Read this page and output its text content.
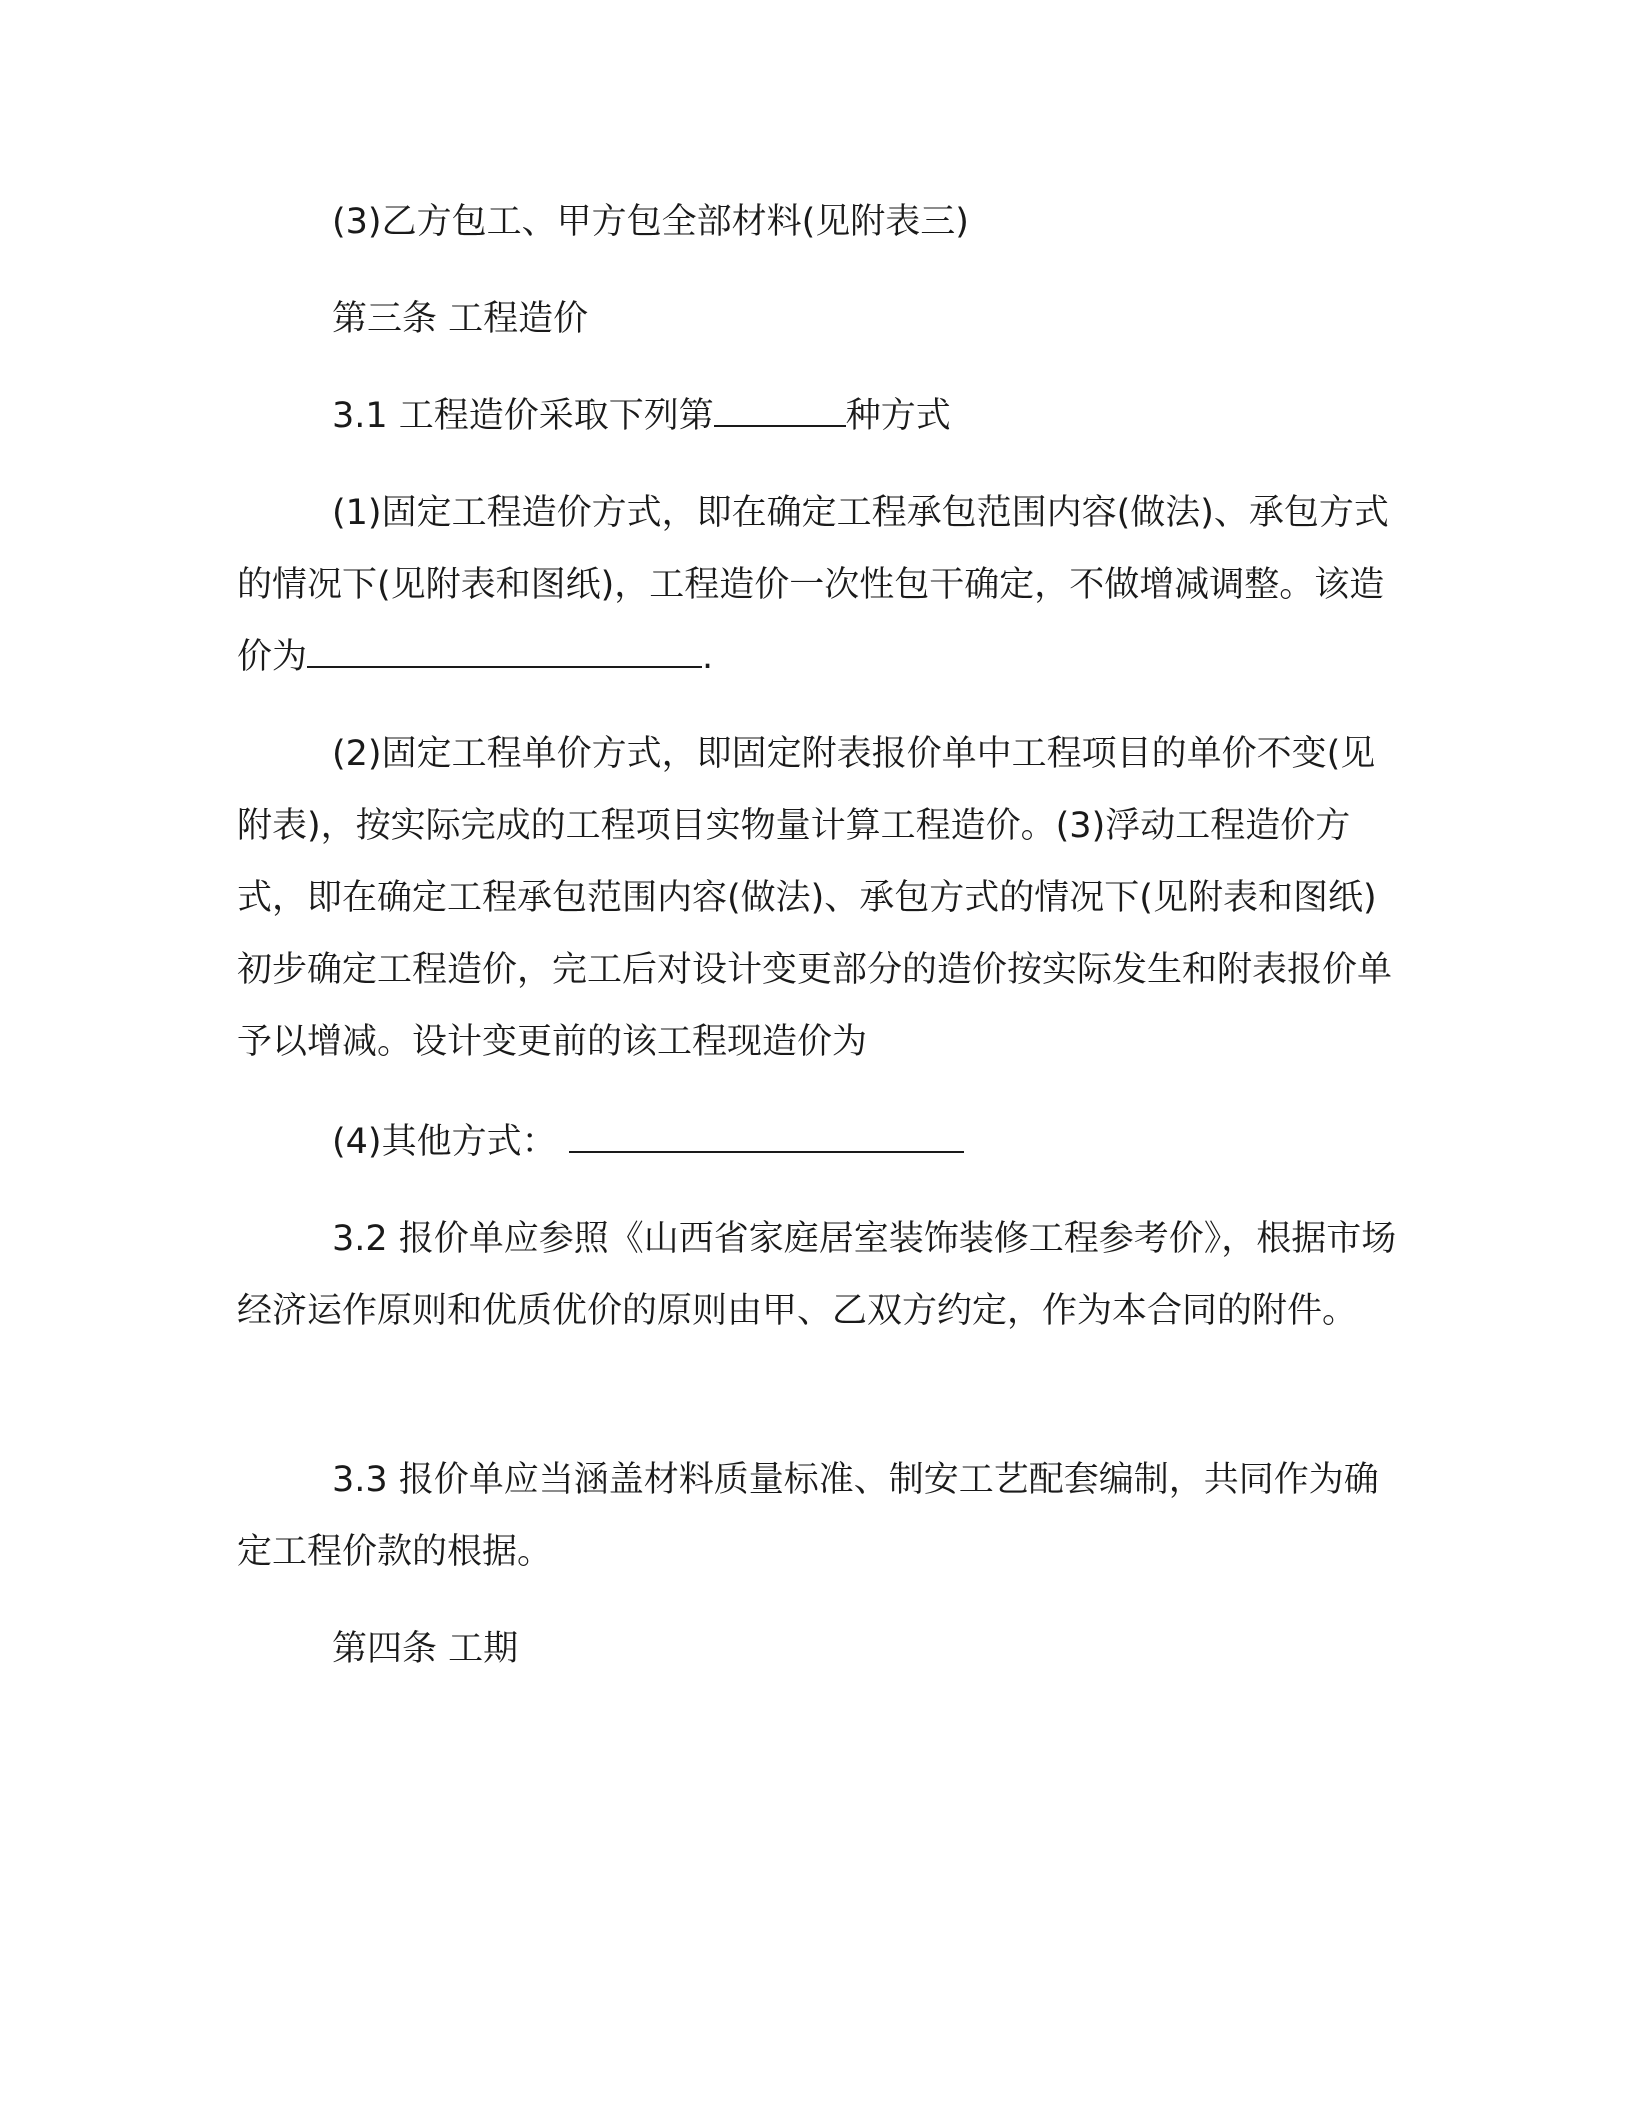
(3)乙方包工、甲方包全部材料(见附表三)

第三条 工程造价

3.1 工程造价采取下列第	种方式

(1)固定工程造价方式，即在确定工程承包范围内容(做法)、承包方式的情况下(见附表和图纸)，工程造价一次性包干确定，不做增减调整。该造价为	.

(2)固定工程单价方式，即固定附表报价单中工程项目的单价不变(见附表)，按实际完成的工程项目实物量计算工程造价。(3)浮动工程造价方式，即在确定工程承包范围内容(做法)、承包方式的情况下(见附表和图纸)初步确定工程造价，完工后对设计变更部分的造价按实际发生和附表报价单予以增减。设计变更前的该工程现造价为

(4)其他方式：

3.2 报价单应参照《山西省家庭居室装饰装修工程参考价》，根据市场经济运作原则和优质优价的原则由甲、乙双方约定，作为本合同的附件。

3.3 报价单应当涵盖材料质量标准、制安工艺配套编制，共同作为确定工程价款的根据。

第四条 工期
